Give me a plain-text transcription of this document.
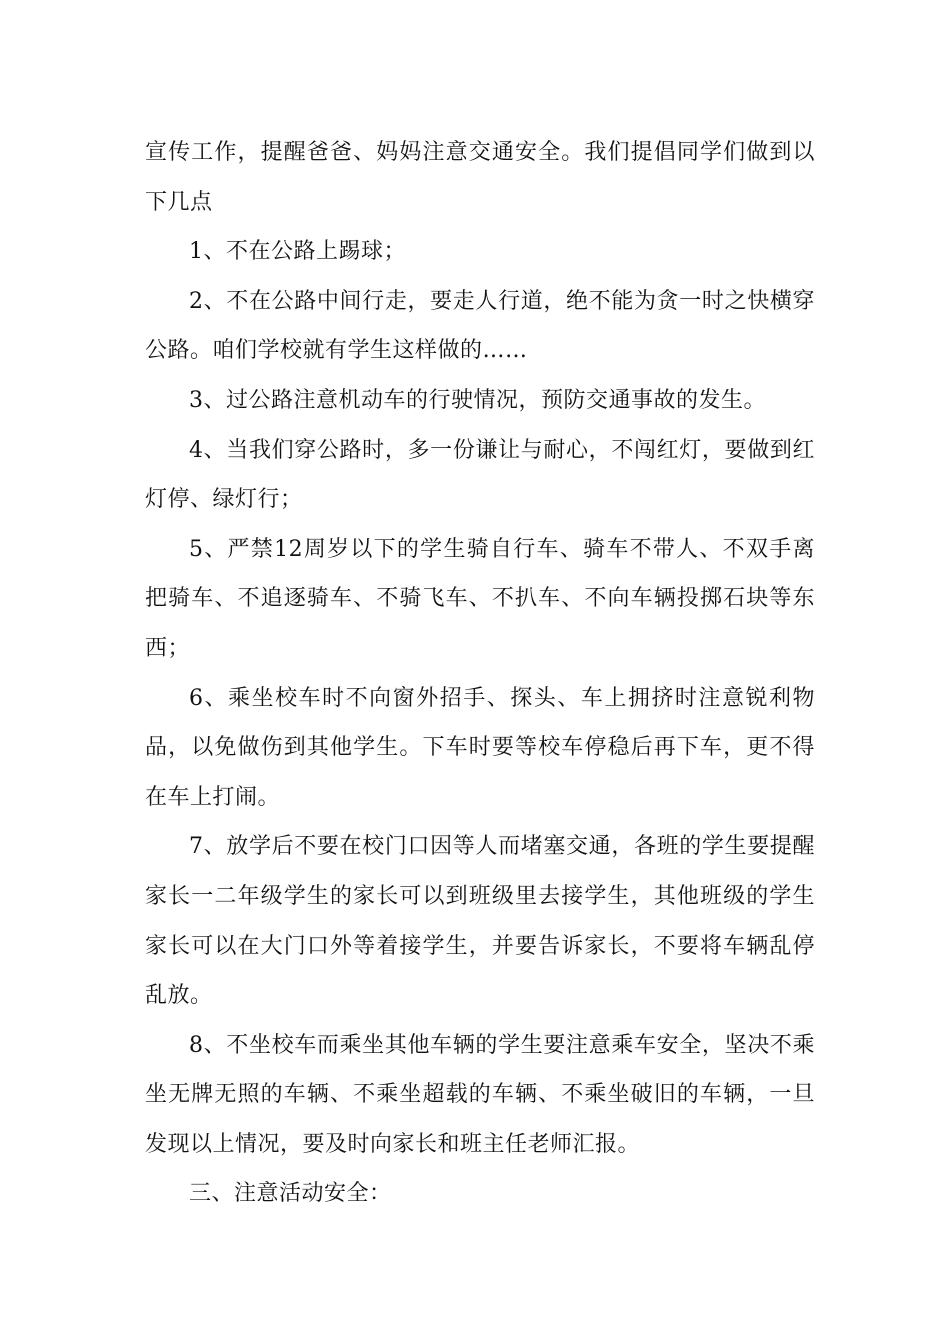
宣传工作，提醒爸爸、妈妈注意交通安全。我们提倡同学们做到以下几点

1、不在公路上踢球；

2、不在公路中间行走，要走人行道，绝不能为贪一时之快横穿公路。咱们学校就有学生这样做的……

3、过公路注意机动车的行驶情况，预防交通事故的发生。

4、当我们穿公路时，多一份谦让与耐心，不闯红灯，要做到红灯停、绿灯行；

5、严禁12周岁以下的学生骑自行车、骑车不带人、不双手离把骑车、不追逐骑车、不骑飞车、不扒车、不向车辆投掷石块等东西；

6、乘坐校车时不向窗外招手、探头、车上拥挤时注意锐利物品，以免做伤到其他学生。下车时要等校车停稳后再下车，更不得在车上打闹。

7、放学后不要在校门口因等人而堵塞交通，各班的学生要提醒家长一二年级学生的家长可以到班级里去接学生，其他班级的学生家长可以在大门口外等着接学生，并要告诉家长，不要将车辆乱停乱放。

8、不坐校车而乘坐其他车辆的学生要注意乘车安全，坚决不乘坐无牌无照的车辆、不乘坐超载的车辆、不乘坐破旧的车辆，一旦发现以上情况，要及时向家长和班主任老师汇报。

三、注意活动安全：
